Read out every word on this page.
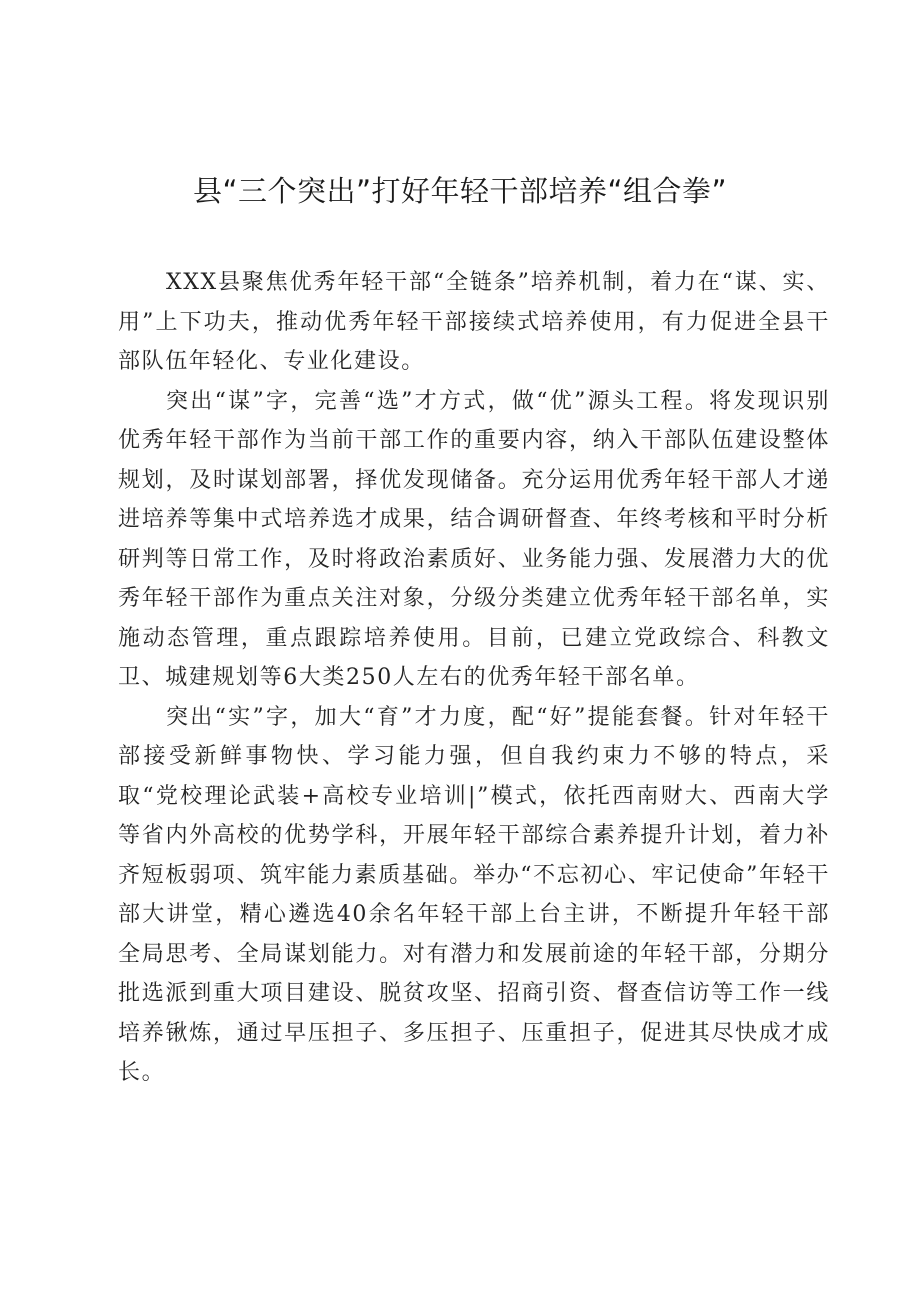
县“三个突出”打好年轻干部培养“组合拳”

XXX县聚焦优秀年轻干部“全链条”培养机制，着力在“谋、实、用”上下功夫，推动优秀年轻干部接续式培养使用，有力促进全县干部队伍年轻化、专业化建设。

突出“谋”字，完善“选”才方式，做“优”源头工程。将发现识别优秀年轻干部作为当前干部工作的重要内容，纳入干部队伍建设整体规划，及时谋划部署，择优发现储备。充分运用优秀年轻干部人才递进培养等集中式培养选才成果，结合调研督查、年终考核和平时分析研判等日常工作，及时将政治素质好、业务能力强、发展潜力大的优秀年轻干部作为重点关注对象，分级分类建立优秀年轻干部名单，实施动态管理，重点跟踪培养使用。目前，已建立党政综合、科教文卫、城建规划等6大类250人左右的优秀年轻干部名单。

突出“实”字，加大“育”才力度，配“好”提能套餐。针对年轻干部接受新鲜事物快、学习能力强，但自我约束力不够的特点，采取“党校理论武装+高校专业培训|”模式，依托西南财大、西南大学等省内外高校的优势学科，开展年轻干部综合素养提升计划，着力补齐短板弱项、筑牢能力素质基础。举办“不忘初心、牢记使命”年轻干部大讲堂，精心遴选40余名年轻干部上台主讲，不断提升年轻干部全局思考、全局谋划能力。对有潜力和发展前途的年轻干部，分期分批选派到重大项目建设、脱贫攻坚、招商引资、督查信访等工作一线培养锹炼，通过早压担子、多压担子、压重担子，促进其尽快成才成长。
